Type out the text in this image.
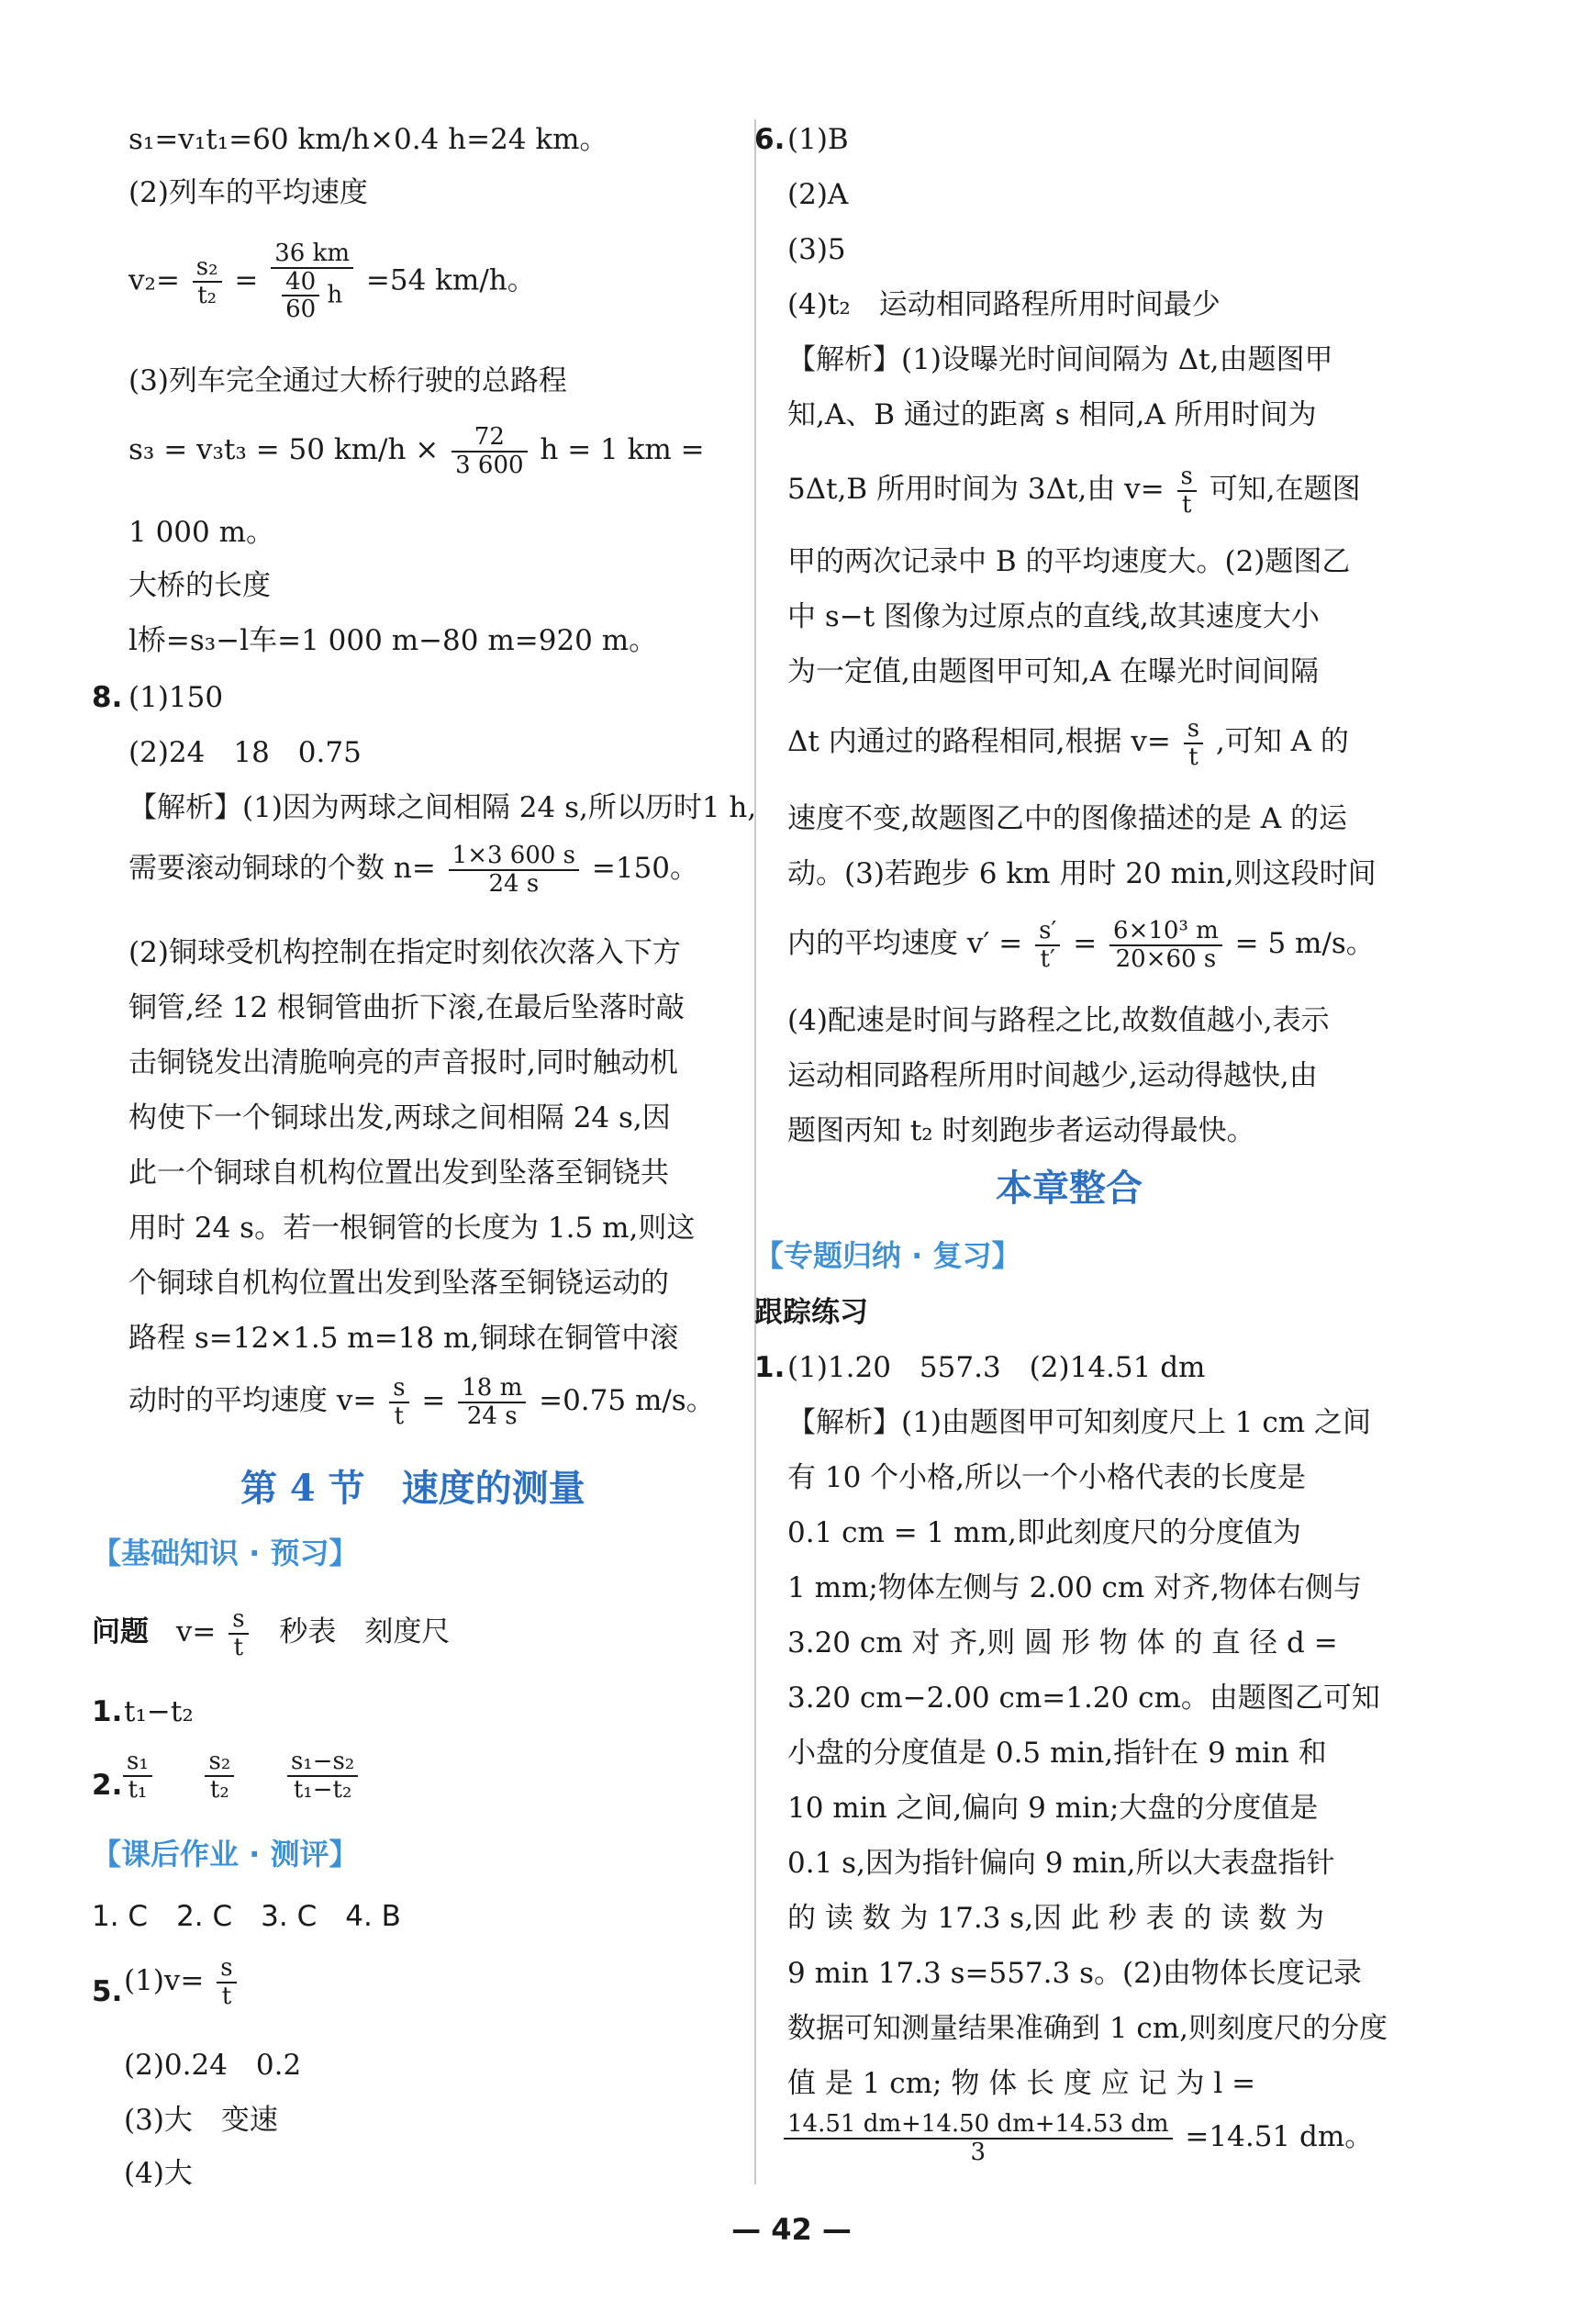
s₁=v₁t₁=60 km/h×0.4 h=24 km。
(2)列车的平均速度
$v_2= \frac{\text{s₂}}{\text{t₂}} = \frac{36 km}{\frac{40}{60} h} =54$ km/h。
(3)列车完全通过大桥行驶的总路程
s₃ = v₃t₃ = 50 $km/h \times \frac{72}{3 600}$ h = 1 km =
1 000 m。
大桥的长度
l桥=s₃−l车=1 000 m−80 m=920 m。
8. (1)150
(2)24　18　0.75
【解析】(1)因为两球之间相隔 24 s,所以历时1 h,
需要滚动铜球的个数 $n= \frac{1\times 3 600 s}{24 s} =150$。
(2)铜球受机构控制在指定时刻依次落入下方
铜管,经 12 根铜管曲折下滚,在最后坠落时敲
击铜铙发出清脆响亮的声音报时,同时触动机
构使下一个铜球出发,两球之间相隔 24 s,因
此一个铜球自机构位置出发到坠落至铜铙共
用时 24 s。若一根铜管的长度为 1.5 m,则这
个铜球自机构位置出发到坠落至铜铙运动的
路程 s=12×1.5 m=18 m,铜球在铜管中滚
动时的平均速度 $v= \frac{s}{t} = \frac{18 m}{24 s} =0.75$ m/s。
第 4 节　速度的测量
【基础知识 · 预习】
问题 $v= \frac{s}{t}$ 秒表　刻度尺
1. t₁−t₂
2. $\frac{\text{s₁}}{\text{t₁}}$
$\frac{\text{s₂}}{\text{t₂}}$
$\frac{\text{s₁−s₂}}{\text{t₁−t₂}}$
【课后作业 · 测评】
1. C　2. C　3. C　4. B
5. $(1)v= \frac{s}{t}$
(2)0.24　0.2
(3)大　变速
(4)大
6. (1)B
(2)A
(3)5
(4)t₂　运动相同路程所用时间最少
【解析】(1)设曝光时间间隔为 Δt,由题图甲
知,A、B 通过的距离 s 相同,A 所用时间为
5Δt,B 所用时间为 3Δt,由 $v= \frac{s}{t}$ 可知,在题图
甲的两次记录中 B 的平均速度大。(2)题图乙
中 s−t 图像为过原点的直线,故其速度大小
为一定值,由题图甲可知,A 在曝光时间间隔
Δt 内通过的路程相同,根据 $v= \frac{s}{t}$ ,可知 A 的
速度不变,故题图乙中的图像描述的是 A 的运
动。(3)若跑步 6 km 用时 20 min,则这段时间
内的平均速度 $v' = \frac{s'}{t'} = \frac{\text{6×10³ m}}{20\times 60 s} = 5$ m/s。
(4)配速是时间与路程之比,故数值越小,表示
运动相同路程所用时间越少,运动得越快,由
题图丙知 t₂ 时刻跑步者运动得最快。
本章整合
【专题归纳 · 复习】
跟踪练习
1. (1)1.20　557.3　(2)14.51 dm
【解析】(1)由题图甲可知刻度尺上 1 cm 之间
有 10 个小格,所以一个小格代表的长度是
0.1 cm = 1 mm,即此刻度尺的分度值为
1 mm;物体左侧与 2.00 cm 对齐,物体右侧与
3.20 cm 对 齐,则 圆 形 物 体 的 直 径 d =
3.20 cm−2.00 cm=1.20 cm。由题图乙可知
小盘的分度值是 0.5 min,指针在 9 min 和
10 min 之间,偏向 9 min;大盘的分度值是
0.1 s,因为指针偏向 9 min,所以大表盘指针
的 读 数 为 17.3 s,因 此 秒 表 的 读 数 为
9 min 17.3 s=557.3 s。(2)由物体长度记录
数据可知测量结果准确到 1 cm,则刻度尺的分度
值 是 1 cm; 物 体 长 度 应 记 为 l =
$\frac{14.51 dm+14.50 dm+14.53 dm}{3} =14.51$ dm。
— 42 —
